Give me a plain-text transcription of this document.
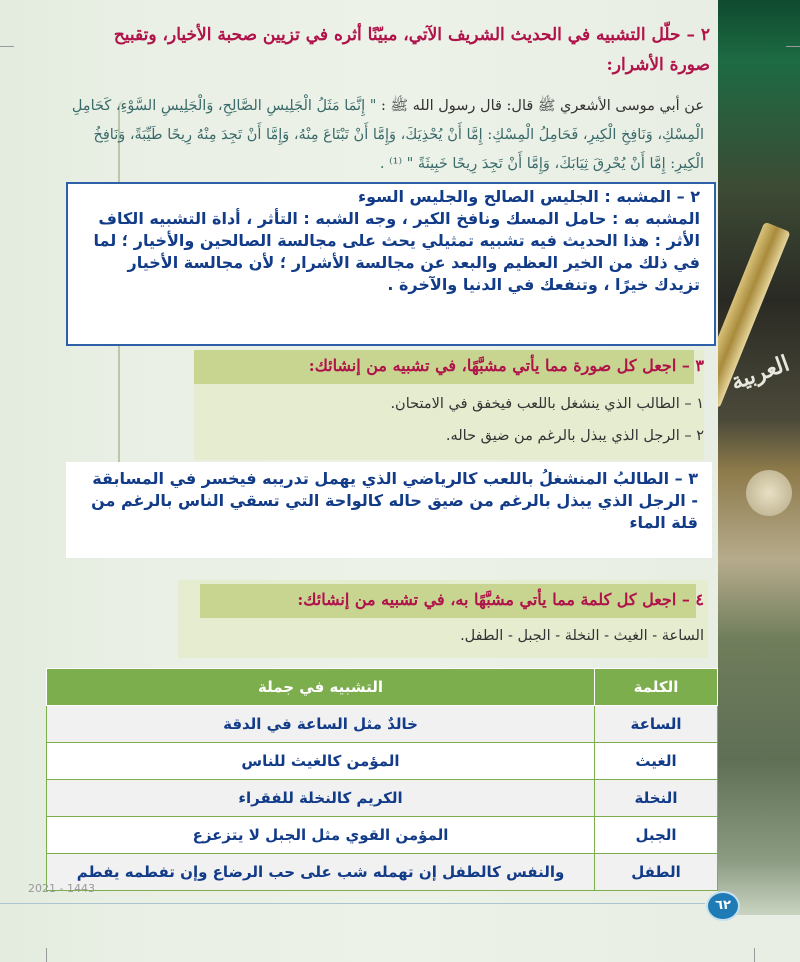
العربية
٢ – حلّل التشبيه في الحديث الشريف الآتي، مبيّنًا أثره في تزيين صحبة الأخيار، وتقبيح صورة الأشرار:
عن أبي موسى الأشعري ﷺ قال: قال رسول الله ﷺ : " إِنَّمَا مَثَلُ الْجَلِيسِ الصَّالِحِ، وَالْجَلِيسِ السَّوْءِ، كَحَامِلِ الْمِسْكِ، وَنَافِخِ الْكِيرِ، فَحَامِلُ الْمِسْكِ: إِمَّا أَنْ يُحْذِيَكَ، وَإِمَّا أَنْ تَبْتَاعَ مِنْهُ، وَإِمَّا أَنْ تَجِدَ مِنْهُ رِيحًا طَيِّبَةً، وَنَافِخُ الْكِيرِ: إِمَّا أَنْ يُحْرِقَ ثِيَابَكَ، وَإِمَّا أَنْ تَجِدَ رِيحًا خَبِيثَةً " ⁽¹⁾ .
٢ – المشبه : الجليس الصالح والجليس السوء
المشبه به : حامل المسك ونافخ الكير ، وجه الشبه : التأثر ، أداة التشبيه الكاف
الأثر : هذا الحديث فيه تشبيه تمثيلي يحث على مجالسة الصالحين والأخيار ؛ لما في ذلك من الخير العظيم والبعد عن مجالسة الأشرار ؛ لأن مجالسة الأخيار تزيدك خيرًا ، وتنفعك في الدنيا والآخرة .
٣ – اجعل كل صورة مما يأتي مشبَّهًا، في تشبيه من إنشائك:
١ – الطالب الذي ينشغل باللعب فيخفق في الامتحان.
٢ – الرجل الذي يبذل بالرغم من ضيق حاله.
٣ – الطالبُ المنشغلُ باللعب كالرياضي الذي يهمل تدريبه فيخسر في المسابقة
- الرجل الذي يبذل بالرغم من ضيق حاله كالواحة التي تسقي الناس بالرغم من قلة الماء
٤ – اجعل كل كلمة مما يأتي مشبَّهًا به، في تشبيه من إنشائك:
الساعة - الغيث - النخلة - الجبل - الطفل.
الكلمة	التشبيه في جملة
الساعة	خالدٌ مثل الساعة في الدقة
الغيث	المؤمن كالغيث للناس
النخلة	الكريم كالنخلة للفقراء
الجبل	المؤمن القوي مثل الجبل لا يتزعزع
الطفل	والنفس كالطفل إن تهمله شب على حب الرضاع وإن تفطمه يفطم
2021 - 1443
٦٢
